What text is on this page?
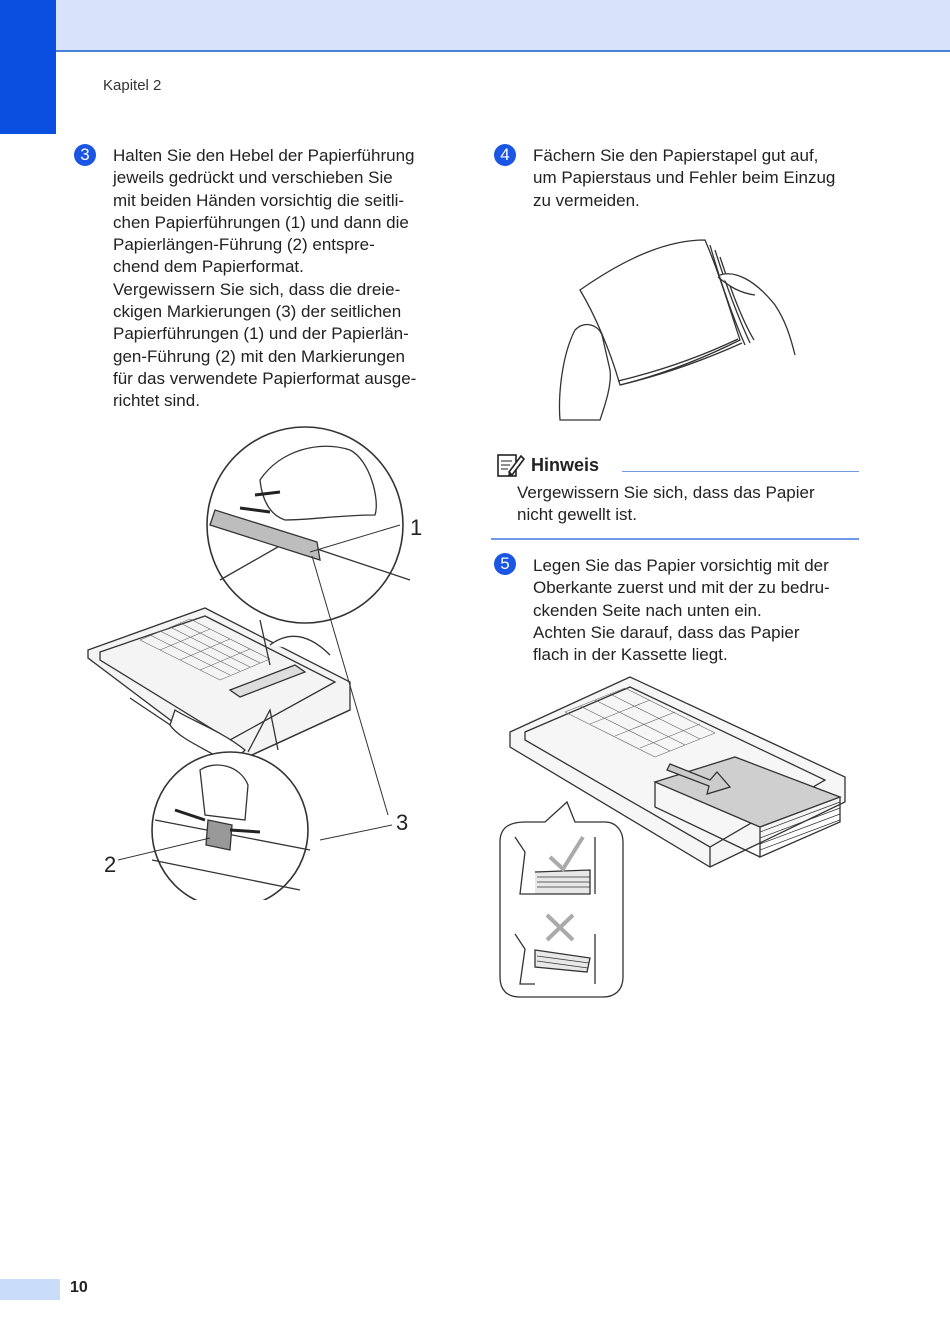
Kapitel 2
3	Halten Sie den Hebel der Papierführung
jeweils gedrückt und verschieben Sie
mit beiden Händen vorsichtig die seitli-
chen Papierführungen (1) und dann die
Papierlängen-Führung (2) entspre-
chend dem Papierformat.
Vergewissern Sie sich, dass die dreie-
ckigen Markierungen (3) der seitlichen
Papierführungen (1) und der Papierlän-
gen-Führung (2) mit den Markierungen
für das verwendete Papierformat ausge-
richtet sind.
4	Fächern Sie den Papierstapel gut auf,
um Papierstaus und Fehler beim Einzug
zu vermeiden.
5	Legen Sie das Papier vorsichtig mit der
Oberkante zuerst und mit der zu bedru-
ckenden Seite nach unten ein.
Achten Sie darauf, dass das Papier
flach in der Kassette liegt.
Hinweis
Vergewissern Sie sich, dass das Papier
nicht gewellt ist.
1
2
3
10
